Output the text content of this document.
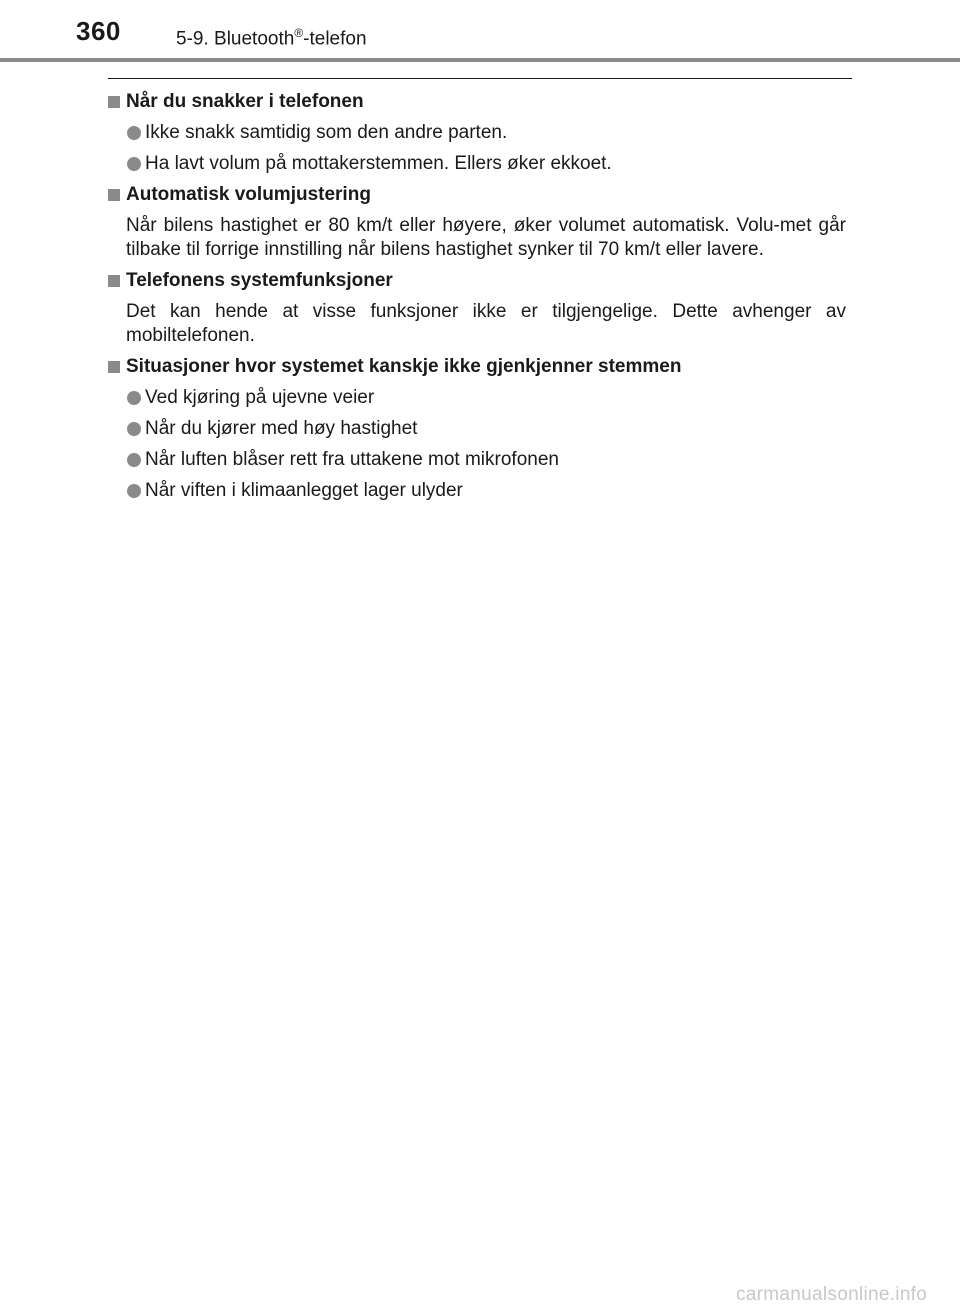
360	5-9. Bluetooth®-telefon
Når du snakker i telefonen
Ikke snakk samtidig som den andre parten.
Ha lavt volum på mottakerstemmen. Ellers øker ekkoet.
Automatisk volumjustering
Når bilens hastighet er 80 km/t eller høyere, øker volumet automatisk. Volu-met går tilbake til forrige innstilling når bilens hastighet synker til 70 km/t eller lavere.
Telefonens systemfunksjoner
Det kan hende at visse funksjoner ikke er tilgjengelige. Dette avhenger av mobiltelefonen.
Situasjoner hvor systemet kanskje ikke gjenkjenner stemmen
Ved kjøring på ujevne veier
Når du kjører med høy hastighet
Når luften blåser rett fra uttakene mot mikrofonen
Når viften i klimaanlegget lager ulyder
carmanualsonline.info
